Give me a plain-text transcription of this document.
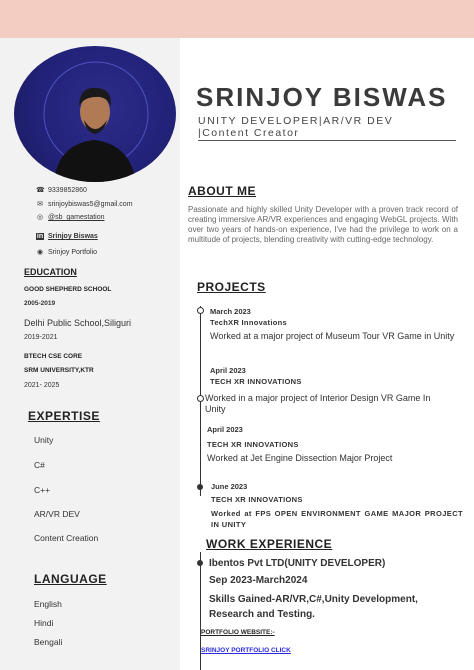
SRINJOY BISWAS
UNITY DEVELOPER|AR/VR DEV
|Content Creator
☎ 9339852860
✉ srinjoybiswas5@gmail.com
◎ @sb_gamestation
in Srinjoy Biswas
◉ Srinjoy Portfolio
EDUCATION
GOOD SHEPHERD SCHOOL
2005-2019
Delhi Public School,Siliguri
2019-2021
BTECH CSE CORE
SRM UNIVERSITY,KTR
2021- 2025
EXPERTISE
Unity
C#
C++
AR/VR DEV
Content Creation
LANGUAGE
English
Hindi
Bengali
ABOUT ME
Passionate and highly skilled Unity Developer with a proven track record of creating immersive AR/VR experiences and engaging WebGL projects. With over two years of hands-on experience, I've had the privilege to work on a multitude of projects, blending creativity with cutting-edge technology.
PROJECTS
March 2023
TechXR Innovations
Worked at a major project of Museum Tour VR Game in Unity
April 2023
TECH XR INNOVATIONS
Worked in a major project of Interior Design VR Game In Unity
April 2023
TECH XR INNOVATIONS
Worked at Jet Engine Dissection Major Project
June 2023
TECH XR INNOVATIONS
Worked at FPS OPEN ENVIRONMENT GAME MAJOR PROJECT IN UNITY
WORK EXPERIENCE
Ibentos Pvt LTD(UNITY DEVELOPER)
Sep 2023-March2024
Skills Gained-AR/VR,C#,Unity Development, Research and Testing.
PORTFOLIO WEBSITE:-
SRINJOY PORTFOLIO CLICK
